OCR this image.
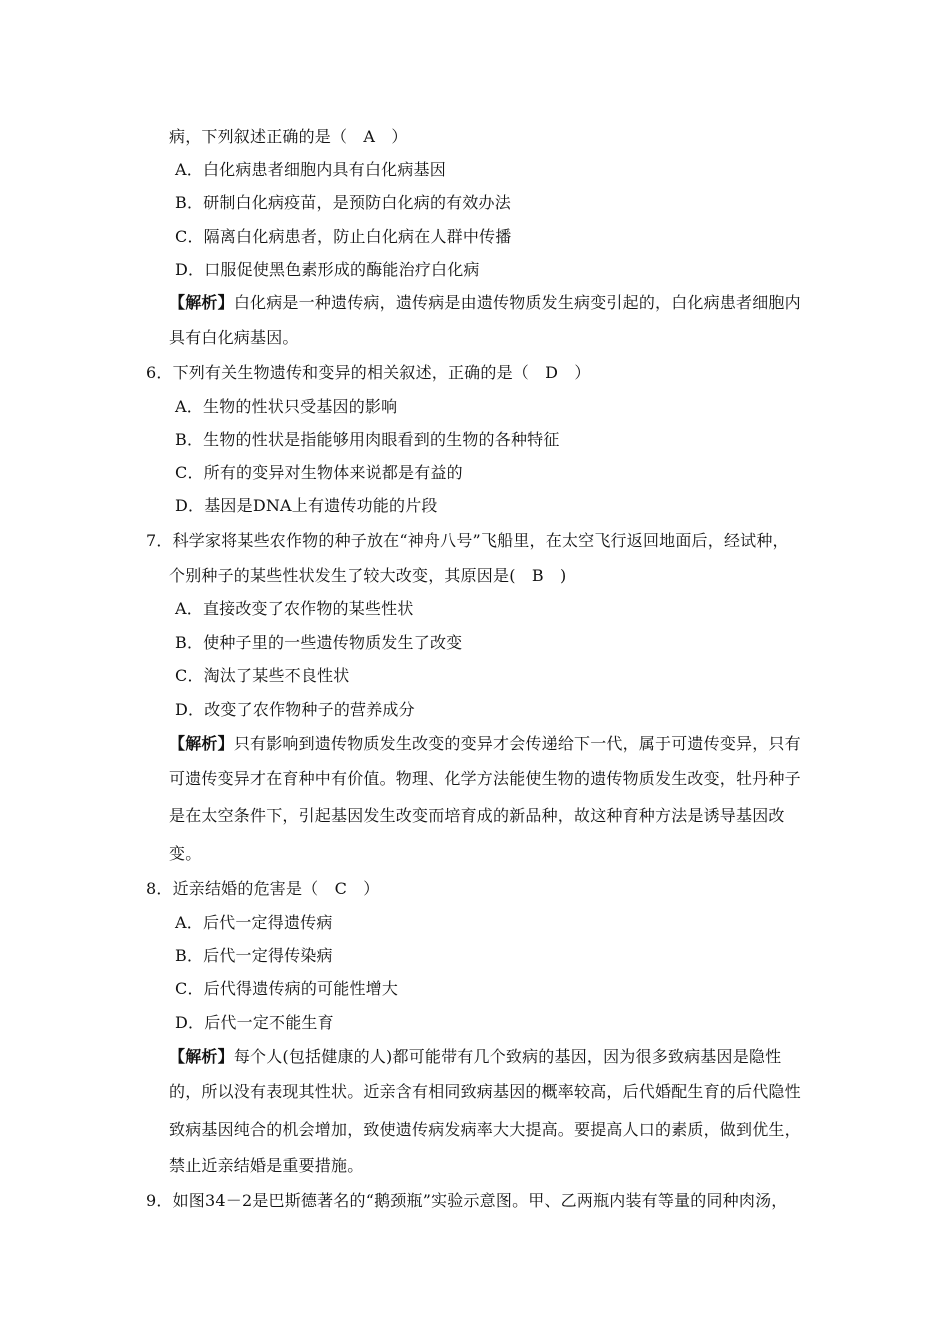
病，下列叙述正确的是（　A　）
A．白化病患者细胞内具有白化病基因
B．研制白化病疫苗，是预防白化病的有效办法
C．隔离白化病患者，防止白化病在人群中传播
D．口服促使黑色素形成的酶能治疗白化病
【解析】白化病是一种遗传病，遗传病是由遗传物质发生病变引起的，白化病患者细胞内
具有白化病基因。
6．下列有关生物遗传和变异的相关叙述，正确的是（　D　）
A．生物的性状只受基因的影响
B．生物的性状是指能够用肉眼看到的生物的各种特征
C．所有的变异对生物体来说都是有益的
D．基因是DNA上有遗传功能的片段
7．科学家将某些农作物的种子放在“神舟八号”飞船里，在太空飞行返回地面后，经试种，
个别种子的某些性状发生了较大改变，其原因是(　B　)
A．直接改变了农作物的某些性状
B．使种子里的一些遗传物质发生了改变
C．淘汰了某些不良性状
D．改变了农作物种子的营养成分
【解析】只有影响到遗传物质发生改变的变异才会传递给下一代，属于可遗传变异，只有
可遗传变异才在育种中有价值。物理、化学方法能使生物的遗传物质发生改变，牡丹种子
是在太空条件下，引起基因发生改变而培育成的新品种，故这种育种方法是诱导基因改
变。
8．近亲结婚的危害是（　C　）
A．后代一定得遗传病
B．后代一定得传染病
C．后代得遗传病的可能性增大
D．后代一定不能生育
【解析】每个人(包括健康的人)都可能带有几个致病的基因，因为很多致病基因是隐性
的，所以没有表现其性状。近亲含有相同致病基因的概率较高，后代婚配生育的后代隐性
致病基因纯合的机会增加，致使遗传病发病率大大提高。要提高人口的素质，做到优生，
禁止近亲结婚是重要措施。
9．如图34－2是巴斯德著名的“鹅颈瓶”实验示意图。甲、乙两瓶内装有等量的同种肉汤，
